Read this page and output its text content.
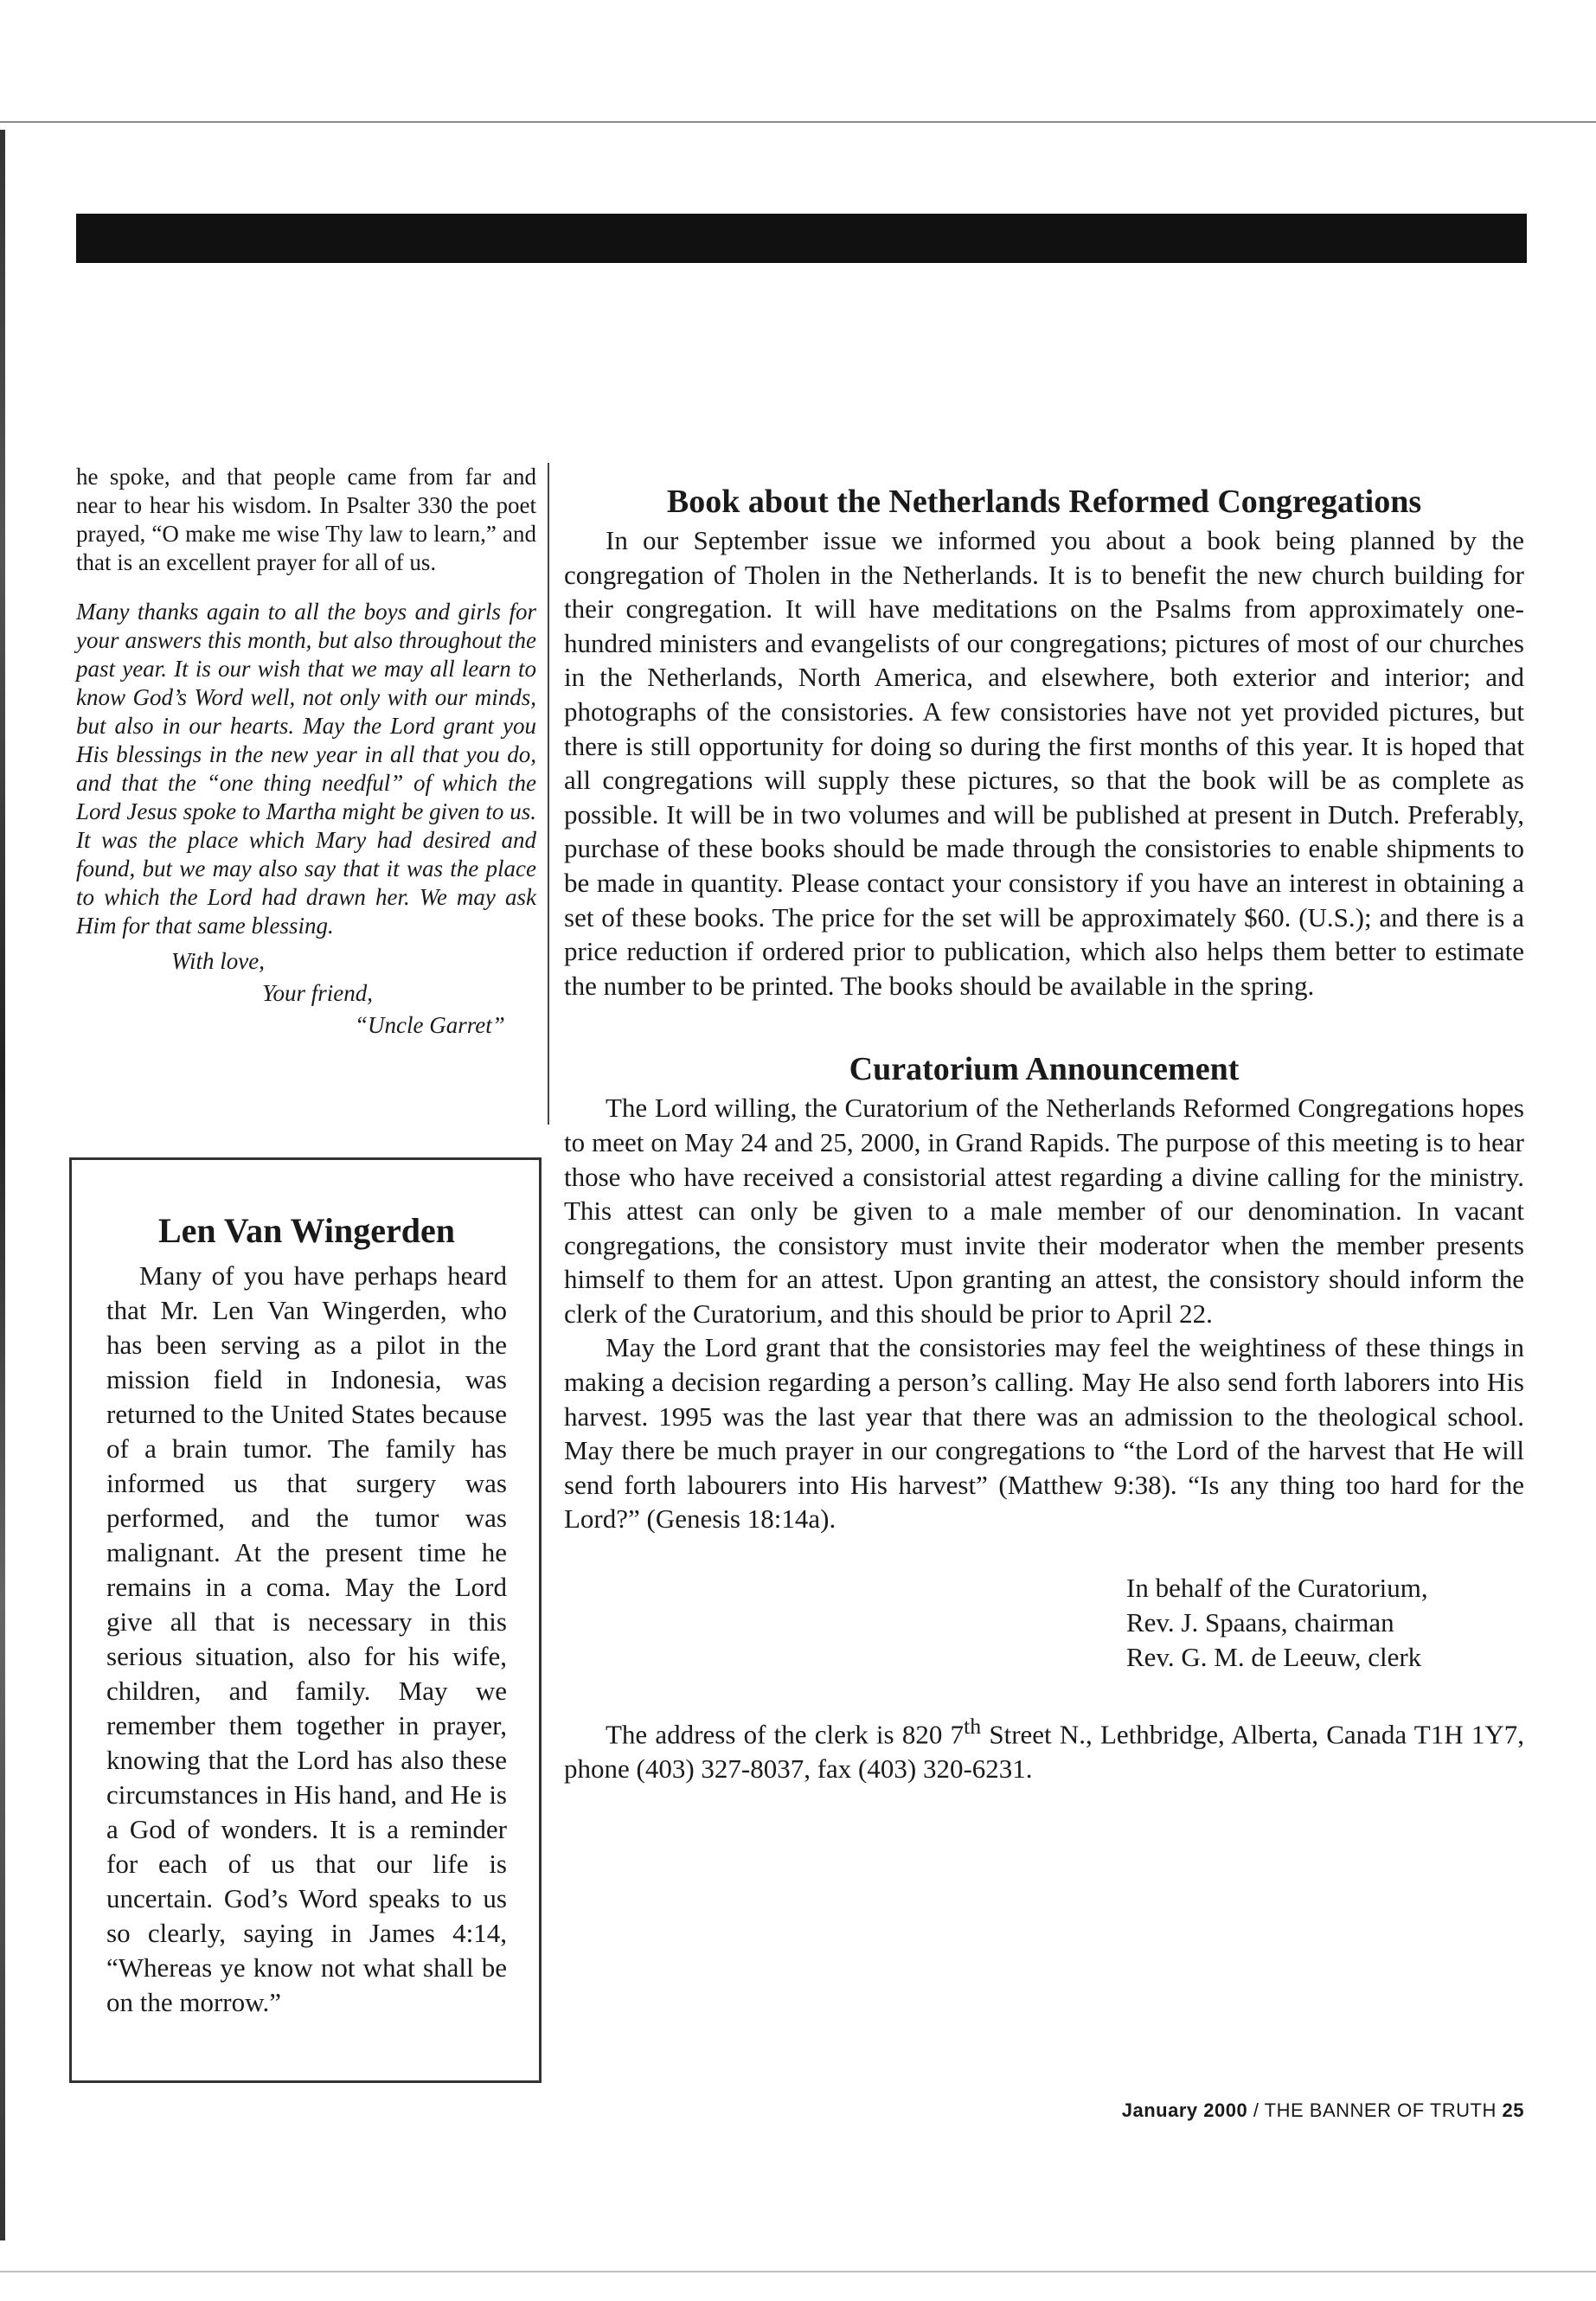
he spoke, and that people came from far and near to hear his wisdom. In Psalter 330 the poet prayed, “O make me wise Thy law to learn,” and that is an excellent prayer for all of us.

Many thanks again to all the boys and girls for your answers this month, but also throughout the past year. It is our wish that we may all learn to know God’s Word well, not only with our minds, but also in our hearts. May the Lord grant you His blessings in the new year in all that you do, and that the “one thing needful” of which the Lord Jesus spoke to Martha might be given to us. It was the place which Mary had desired and found, but we may also say that it was the place to which the Lord had drawn her. We may ask Him for that same blessing.

With love,
Your friend,
“Uncle Garret”
Len Van Wingerden

Many of you have perhaps heard that Mr. Len Van Wingerden, who has been serving as a pilot in the mission field in Indonesia, was returned to the United States because of a brain tumor. The family has informed us that surgery was performed, and the tumor was malignant. At the present time he remains in a coma. May the Lord give all that is necessary in this serious situation, also for his wife, children, and family. May we remember them together in prayer, knowing that the Lord has also these circumstances in His hand, and He is a God of wonders. It is a reminder for each of us that our life is uncertain. God’s Word speaks to us so clearly, saying in James 4:14, “Whereas ye know not what shall be on the morrow.”

Book about the Netherlands Reformed Congregations

In our September issue we informed you about a book being planned by the congregation of Tholen in the Netherlands. It is to benefit the new church building for their congregation. It will have meditations on the Psalms from approximately one-hundred ministers and evangelists of our congregations; pictures of most of our churches in the Netherlands, North America, and elsewhere, both exterior and interior; and photographs of the consistories. A few consistories have not yet provided pictures, but there is still opportunity for doing so during the first months of this year. It is hoped that all congregations will supply these pictures, so that the book will be as complete as possible. It will be in two volumes and will be published at present in Dutch. Preferably, purchase of these books should be made through the consistories to enable shipments to be made in quantity. Please contact your consistory if you have an interest in obtaining a set of these books. The price for the set will be approximately $60. (U.S.); and there is a price reduction if ordered prior to publication, which also helps them better to estimate the number to be printed. The books should be available in the spring.

Curatorium Announcement

The Lord willing, the Curatorium of the Netherlands Reformed Congregations hopes to meet on May 24 and 25, 2000, in Grand Rapids. The purpose of this meeting is to hear those who have received a consistorial attest regarding a divine calling for the ministry. This attest can only be given to a male member of our denomination. In vacant congregations, the consistory must invite their moderator when the member presents himself to them for an attest. Upon granting an attest, the consistory should inform the clerk of the Curatorium, and this should be prior to April 22.

May the Lord grant that the consistories may feel the weightiness of these things in making a decision regarding a person’s calling. May He also send forth laborers into His harvest. 1995 was the last year that there was an admission to the theological school. May there be much prayer in our congregations to “the Lord of the harvest that He will send forth labourers into His harvest” (Matthew 9:38). “Is any thing too hard for the Lord?” (Genesis 18:14a).

In behalf of the Curatorium,
Rev. J. Spaans, chairman
Rev. G. M. de Leeuw, clerk

The address of the clerk is 820 7th Street N., Lethbridge, Alberta, Canada T1H 1Y7, phone (403) 327-8037, fax (403) 320-6231.

January 2000 / THE BANNER OF TRUTH 25
